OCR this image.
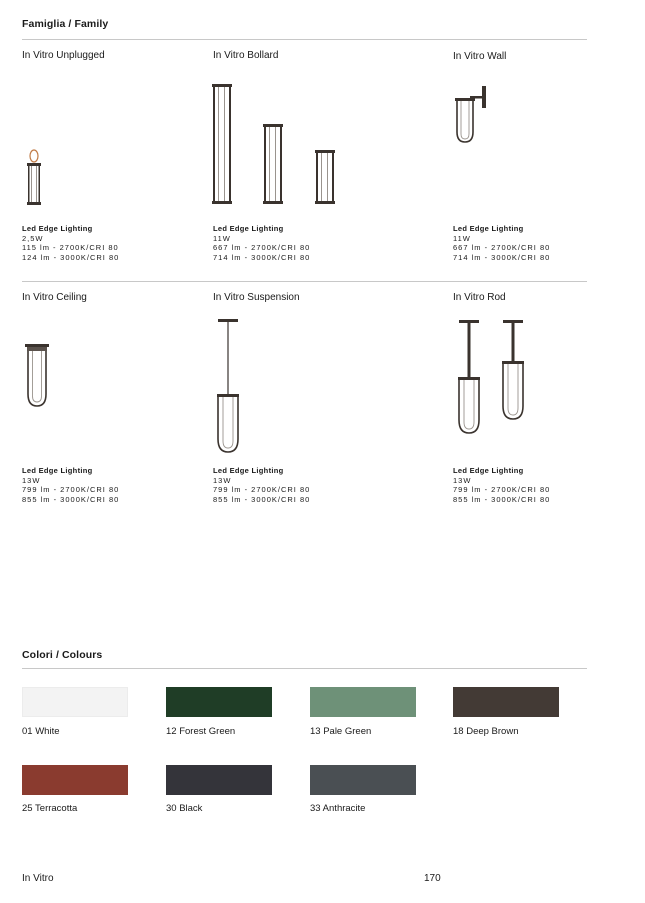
Famiglia / Family
In Vitro Unplugged	In Vitro Bollard	In Vitro Wall
Led Edge Lighting
2,5W
115 lm - 2700K/CRI 80
124 lm - 3000K/CRI 80
Led Edge Lighting
11W
667 lm - 2700K/CRI 80
714 lm - 3000K/CRI 80
Led Edge Lighting
11W
667 lm - 2700K/CRI 80
714 lm - 3000K/CRI 80
In Vitro Ceiling	In Vitro Suspension	In Vitro Rod
Led Edge Lighting
13W
799 lm - 2700K/CRI 80
855 lm - 3000K/CRI 80
Led Edge Lighting
13W
799 lm - 2700K/CRI 80
855 lm - 3000K/CRI 80
Led Edge Lighting
13W
799 lm - 2700K/CRI 80
855 lm - 3000K/CRI 80
Colori / Colours
01 White	12 Forest Green	13 Pale Green	18 Deep Brown
25 Terracotta	30 Black	33 Anthracite
In Vitro	170
